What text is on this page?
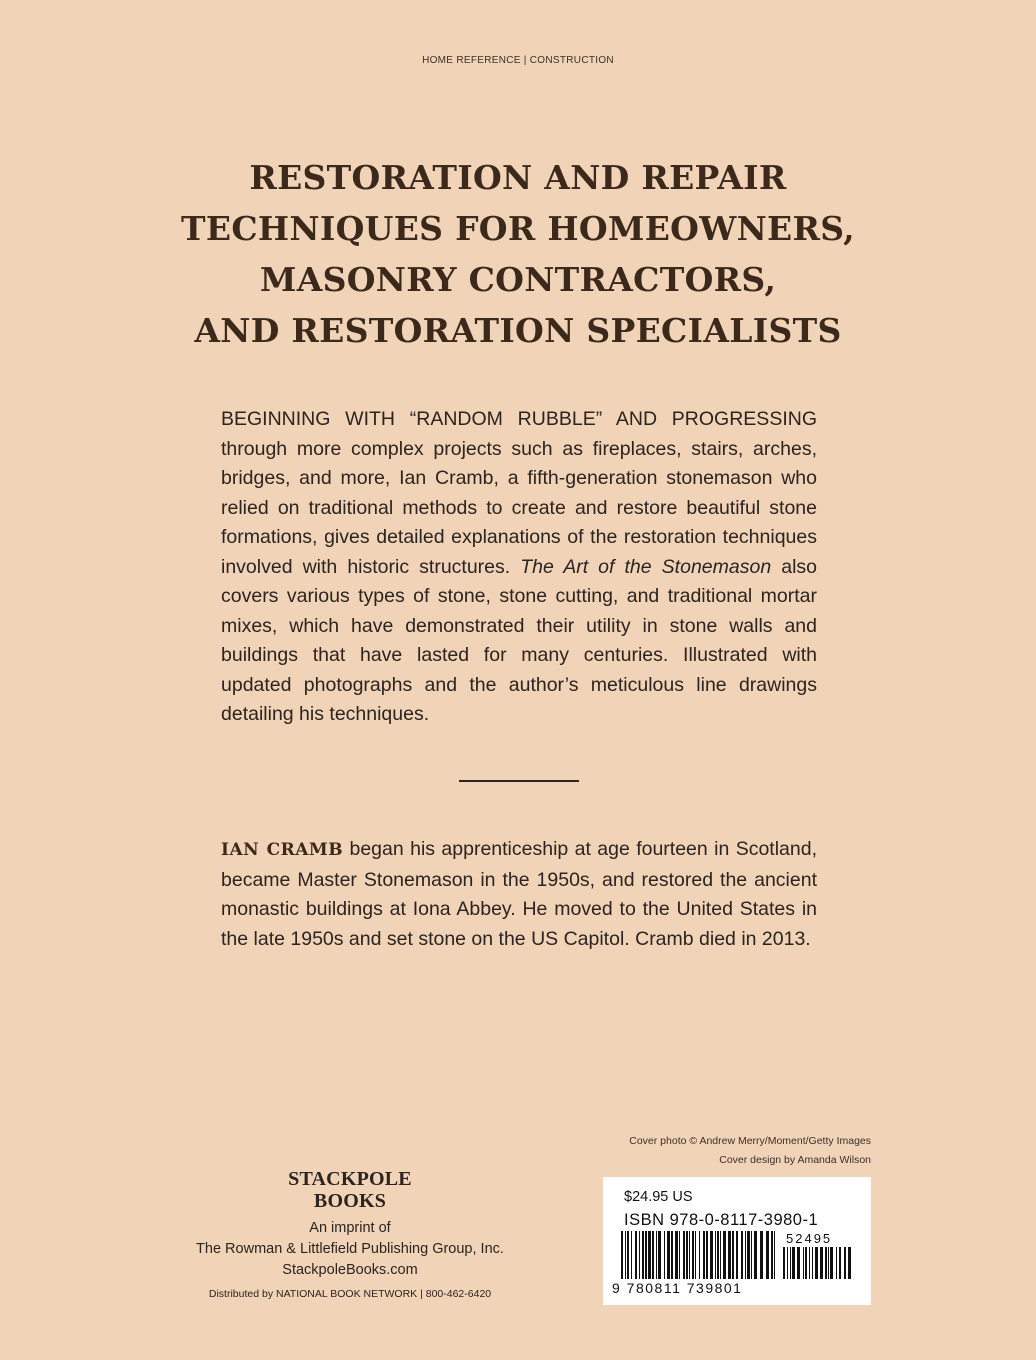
HOME REFERENCE | CONSTRUCTION
RESTORATION AND REPAIR
TECHNIQUES FOR HOMEOWNERS,
MASONRY CONTRACTORS,
AND RESTORATION SPECIALISTS

BEGINNING WITH “RANDOM RUBBLE” AND PROGRESSING through more complex projects such as fireplaces, stairs, arches, bridges, and more, Ian Cramb, a fifth-generation stonemason who relied on traditional methods to create and restore beautiful stone formations, gives detailed explanations of the restoration techniques involved with historic structures. The Art of the Stonemason also covers various types of stone, stone cutting, and traditional mortar mixes, which have demonstrated their utility in stone walls and buildings that have lasted for many centuries. Illustrated with updated photographs and the author’s meticulous line drawings detailing his techniques.

IAN CRAMB began his apprenticeship at age fourteen in Scotland, became Master Stonemason in the 1950s, and restored the ancient monastic buildings at Iona Abbey. He moved to the United States in the late 1950s and set stone on the US Capitol. Cramb died in 2013.

Cover photo © Andrew Merry/Moment/Getty Images
Cover design by Amanda Wilson
STACKPOLE
BOOKS
An imprint of
The Rowman & Littlefield Publishing Group, Inc.
StackpoleBooks.com
Distributed by NATIONAL BOOK NETWORK | 800-462-6420
$24.95 US
ISBN 978-0-8117-3980-1
52495
9 780811 739801
